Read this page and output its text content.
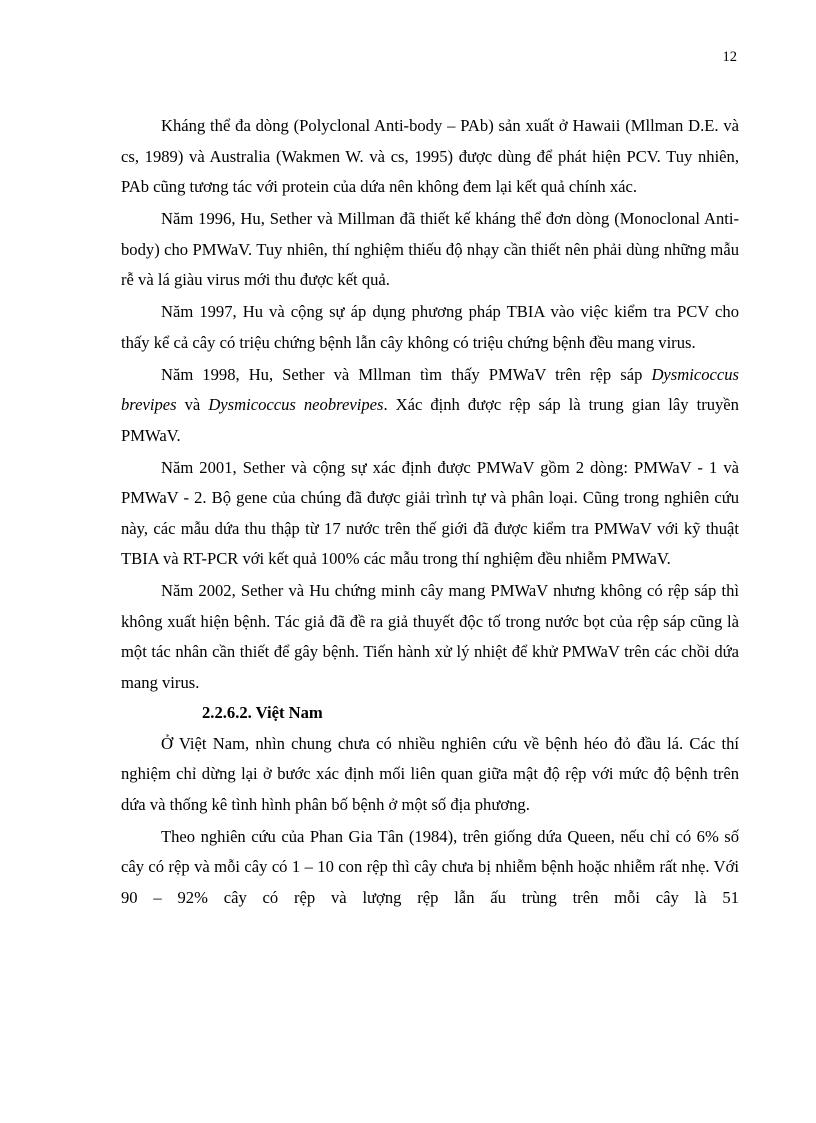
12

Kháng thể đa dòng (Polyclonal Anti-body – PAb) sản xuất ở Hawaii (Mllman D.E. và cs, 1989) và Australia (Wakmen W. và cs, 1995) được dùng để phát hiện PCV. Tuy nhiên, PAb cũng tương tác với protein của dứa nên không đem lại kết quả chính xác.

Năm 1996, Hu, Sether và Millman đã thiết kế kháng thể đơn dòng (Monoclonal Anti-body) cho PMWaV. Tuy nhiên, thí nghiệm thiếu độ nhạy cần thiết nên phải dùng những mẫu rễ và lá giàu virus mới thu được kết quả.

Năm 1997, Hu và cộng sự áp dụng phương pháp TBIA vào việc kiểm tra PCV cho thấy kể cả cây có triệu chứng bệnh lẫn cây không có triệu chứng bệnh đều mang virus.

Năm 1998, Hu, Sether và Mllman tìm thấy PMWaV trên rệp sáp Dysmicoccus brevipes và Dysmicoccus neobrevipes. Xác định được rệp sáp là trung gian lây truyền PMWaV.

Năm 2001, Sether và cộng sự xác định được PMWaV gồm 2 dòng: PMWaV - 1 và PMWaV - 2. Bộ gene của chúng đã được giải trình tự và phân loại. Cũng trong nghiên cứu này, các mẫu dứa thu thập từ 17 nước trên thế giới đã được kiểm tra PMWaV với kỹ thuật TBIA và RT-PCR với kết quả 100% các mẫu trong thí nghiệm đều nhiễm PMWaV.

Năm 2002, Sether và Hu chứng minh cây mang PMWaV nhưng không có rệp sáp thì không xuất hiện bệnh. Tác giả đã đề ra giả thuyết độc tố trong nước bọt của rệp sáp cũng là một tác nhân cần thiết để gây bệnh. Tiến hành xử lý nhiệt để khử PMWaV trên các chồi dứa mang virus.

2.2.6.2. Việt Nam

Ở Việt Nam, nhìn chung chưa có nhiều nghiên cứu về bệnh héo đỏ đầu lá. Các thí nghiệm chỉ dừng lại ở bước xác định mối liên quan giữa mật độ rệp với mức độ bệnh trên dứa và thống kê tình hình phân bố bệnh ở một số địa phương.

Theo nghiên cứu của Phan Gia Tân (1984), trên giống dứa Queen, nếu chỉ có 6% số cây có rệp và mỗi cây có 1 – 10 con rệp thì cây chưa bị nhiễm bệnh hoặc nhiễm rất nhẹ. Với 90 – 92% cây có rệp và lượng rệp lẫn ấu trùng trên mỗi cây là 51
